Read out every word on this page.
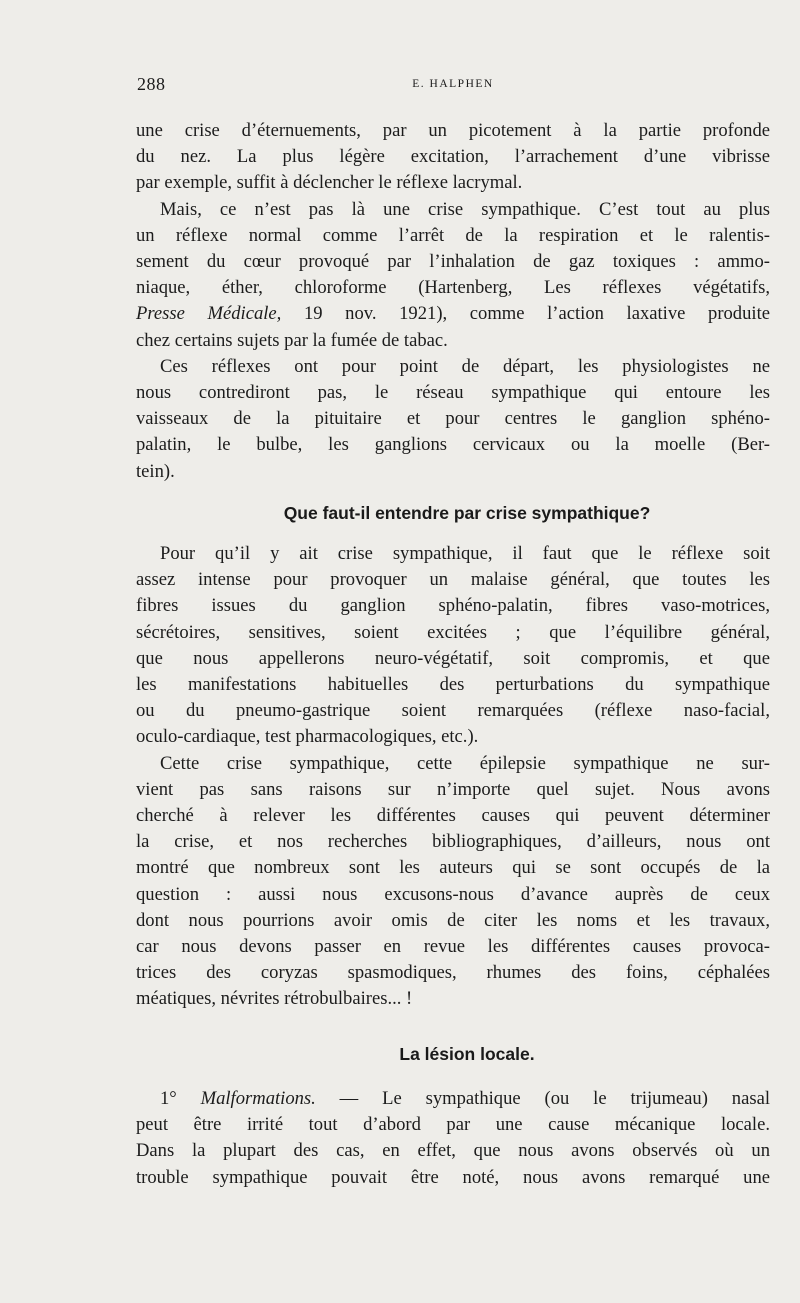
288	E. HALPHEN
une crise d’éternuements, par un picotement à la partie profonde
du nez. La plus légère excitation, l’arrachement d’une vibrisse
par exemple, suffit à déclencher le réflexe lacrymal.
Mais, ce n’est pas là une crise sympathique. C’est tout au plus
un réflexe normal comme l’arrêt de la respiration et le ralentis-
sement du cœur provoqué par l’inhalation de gaz toxiques : ammo-
niaque, éther, chloroforme (Hartenberg, Les réflexes végétatifs,
Presse Médicale, 19 nov. 1921), comme l’action laxative produite
chez certains sujets par la fumée de tabac.
Ces réflexes ont pour point de départ, les physiologistes ne
nous contrediront pas, le réseau sympathique qui entoure les
vaisseaux de la pituitaire et pour centres le ganglion sphéno-
palatin, le bulbe, les ganglions cervicaux ou la moelle (Ber-
tein).
Que faut-il entendre par crise sympathique?
Pour qu’il y ait crise sympathique, il faut que le réflexe soit
assez intense pour provoquer un malaise général, que toutes les
fibres issues du ganglion sphéno-palatin, fibres vaso-motrices,
sécrétoires, sensitives, soient excitées ; que l’équilibre général,
que nous appellerons neuro-végétatif, soit compromis, et que
les manifestations habituelles des perturbations du sympathique
ou du pneumo-gastrique soient remarquées (réflexe naso-facial,
oculo-cardiaque, test pharmacologiques, etc.).
Cette crise sympathique, cette épilepsie sympathique ne sur-
vient pas sans raisons sur n’importe quel sujet. Nous avons
cherché à relever les différentes causes qui peuvent déterminer
la crise, et nos recherches bibliographiques, d’ailleurs, nous ont
montré que nombreux sont les auteurs qui se sont occupés de la
question : aussi nous excusons-nous d’avance auprès de ceux
dont nous pourrions avoir omis de citer les noms et les travaux,
car nous devons passer en revue les différentes causes provoca-
trices des coryzas spasmodiques, rhumes des foins, céphalées
méatiques, névrites rétrobulbaires... !
La lésion locale.
1° Malformations. — Le sympathique (ou le trijumeau) nasal
peut être irrité tout d’abord par une cause mécanique locale.
Dans la plupart des cas, en effet, que nous avons observés où un
trouble sympathique pouvait être noté, nous avons remarqué une
